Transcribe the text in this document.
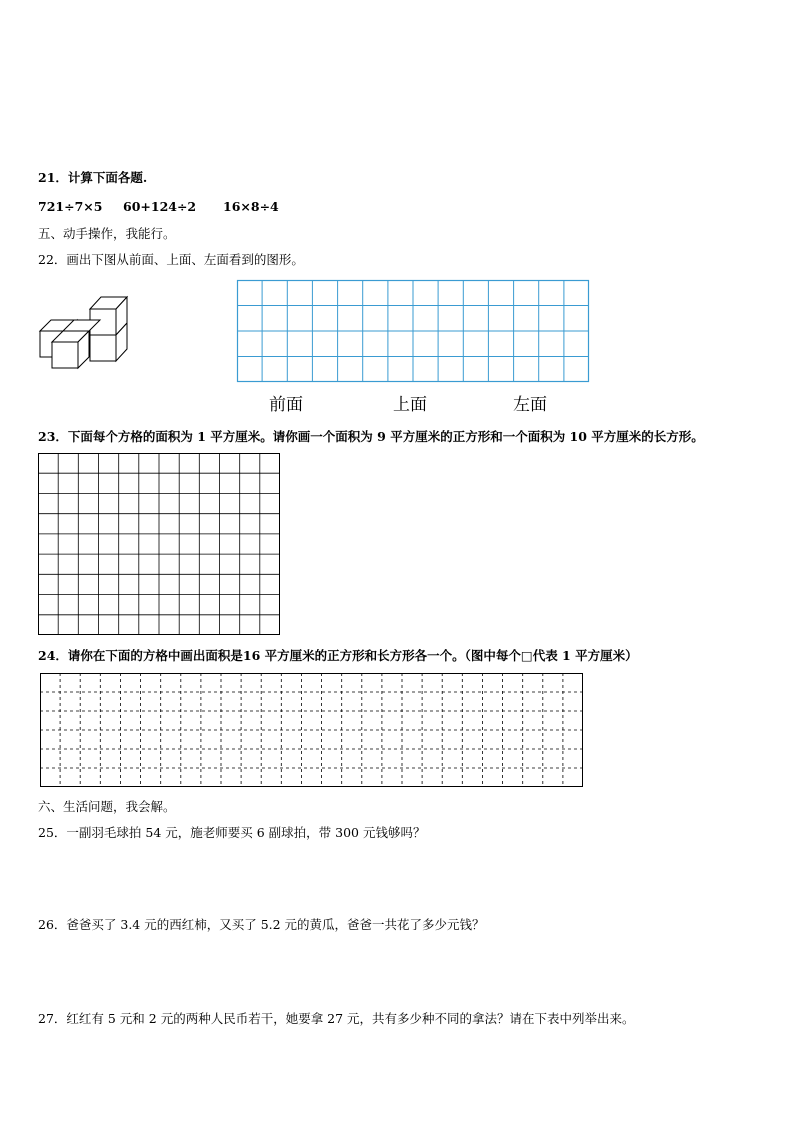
21．计算下面各题.
721÷7×5 60+124÷2 16×8÷4
五、动手操作，我能行。
22．画出下图从前面、上面、左面看到的图形。
前面	上面	左面
23．下面每个方格的面积为 1 平方厘米。请你画一个面积为 9 平方厘米的正方形和一个面积为 10 平方厘米的长方形。
24．请你在下面的方格中画出面积是16 平方厘米的正方形和长方形各一个。（图中每个□代表 1 平方厘米）
六、生活问题，我会解。
25．一副羽毛球拍 54 元，施老师要买 6 副球拍，带 300 元钱够吗？
26．爸爸买了 3.4 元的西红柿，又买了 5.2 元的黄瓜，爸爸一共花了多少元钱？
27．红红有 5 元和 2 元的两种人民币若干，她要拿 27 元，共有多少种不同的拿法？请在下表中列举出来。
